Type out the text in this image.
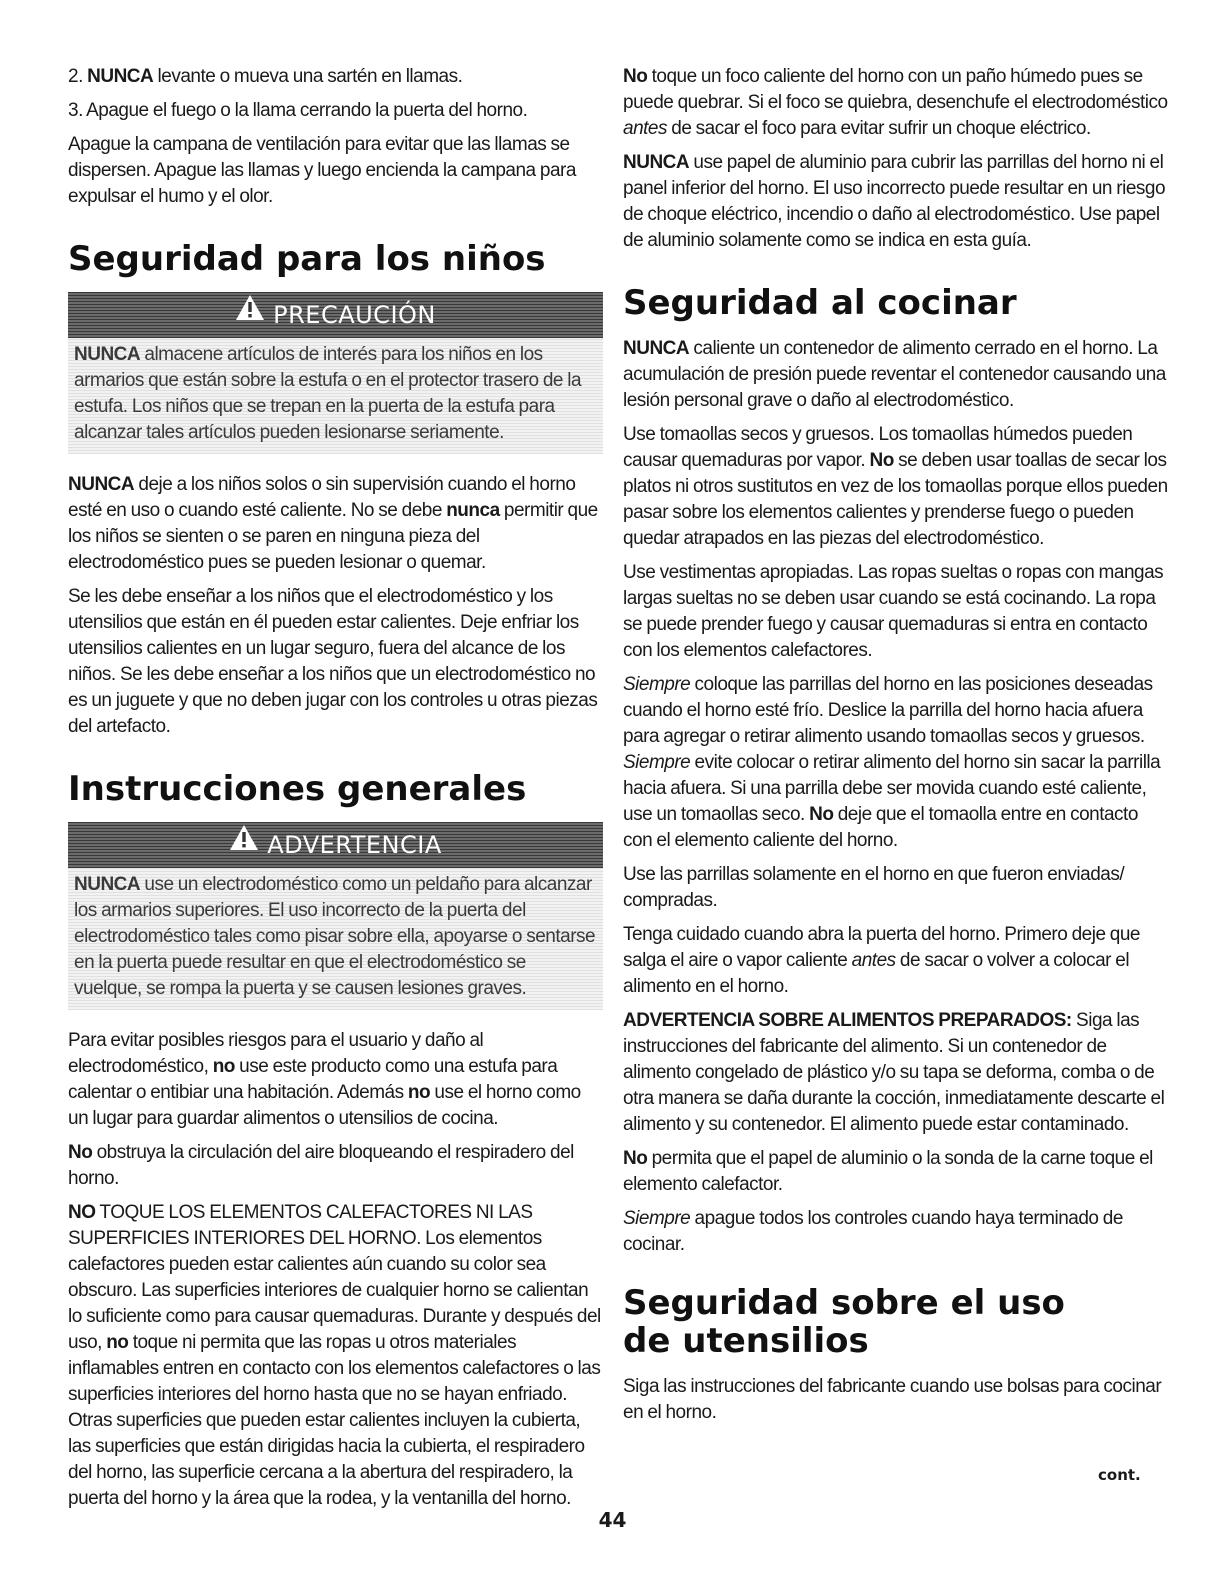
2. NUNCA levante o mueva una sartén en llamas.

3. Apague el fuego o la llama cerrando la puerta del horno.

Apague la campana de ventilación para evitar que las llamas se dispersen. Apague las llamas y luego encienda la campana para expulsar el humo y el olor.

Seguridad para los niños
PRECAUCIÓN
NUNCA almacene artículos de interés para los niños en los armarios que están sobre la estufa o en el protector trasero de la estufa. Los niños que se trepan en la puerta de la estufa para alcanzar tales artículos pueden lesionarse seriamente.

NUNCA deje a los niños solos o sin supervisión cuando el horno esté en uso o cuando esté caliente. No se debe nunca permitir que los niños se sienten o se paren en ninguna pieza del electrodoméstico pues se pueden lesionar o quemar.

Se les debe enseñar a los niños que el electrodoméstico y los utensilios que están en él pueden estar calientes. Deje enfriar los utensilios calientes en un lugar seguro, fuera del alcance de los niños. Se les debe enseñar a los niños que un electrodoméstico no es un juguete y que no deben jugar con los controles u otras piezas del artefacto.

Instrucciones generales
ADVERTENCIA
NUNCA use un electrodoméstico como un peldaño para alcanzar los armarios superiores. El uso incorrecto de la puerta del electrodoméstico tales como pisar sobre ella, apoyarse o sentarse en la puerta puede resultar en que el electrodoméstico se vuelque, se rompa la puerta y se causen lesiones graves.

Para evitar posibles riesgos para el usuario y daño al electrodoméstico, no use este producto como una estufa para calentar o entibiar una habitación. Además no use el horno como un lugar para guardar alimentos o utensilios de cocina.

No obstruya la circulación del aire bloqueando el respiradero del horno.

NO TOQUE LOS ELEMENTOS CALEFACTORES NI LAS SUPERFICIES INTERIORES DEL HORNO. Los elementos calefactores pueden estar calientes aún cuando su color sea obscuro. Las superficies interiores de cualquier horno se calientan lo suficiente como para causar quemaduras. Durante y después del uso, no toque ni permita que las ropas u otros materiales inflamables entren en contacto con los elementos calefactores o las superficies interiores del horno hasta que no se hayan enfriado. Otras superficies que pueden estar calientes incluyen la cubierta, las superficies que están dirigidas hacia la cubierta, el respiradero del horno, las superficie cercana a la abertura del respiradero, la puerta del horno y la área que la rodea, y la ventanilla del horno.

No toque un foco caliente del horno con un paño húmedo pues se puede quebrar. Si el foco se quiebra, desenchufe el electrodoméstico antes de sacar el foco para evitar sufrir un choque eléctrico.

NUNCA use papel de aluminio para cubrir las parrillas del horno ni el panel inferior del horno. El uso incorrecto puede resultar en un riesgo de choque eléctrico, incendio o daño al electrodoméstico. Use papel de aluminio solamente como se indica en esta guía.

Seguridad al cocinar

NUNCA caliente un contenedor de alimento cerrado en el horno. La acumulación de presión puede reventar el contenedor causando una lesión personal grave o daño al electrodoméstico.

Use tomaollas secos y gruesos. Los tomaollas húmedos pueden causar quemaduras por vapor. No se deben usar toallas de secar los platos ni otros sustitutos en vez de los tomaollas porque ellos pueden pasar sobre los elementos calientes y prenderse fuego o pueden quedar atrapados en las piezas del electrodoméstico.

Use vestimentas apropiadas. Las ropas sueltas o ropas con mangas largas sueltas no se deben usar cuando se está cocinando. La ropa se puede prender fuego y causar quemaduras si entra en contacto con los elementos calefactores.

Siempre coloque las parrillas del horno en las posiciones deseadas cuando el horno esté frío. Deslice la parrilla del horno hacia afuera para agregar o retirar alimento usando tomaollas secos y gruesos. Siempre evite colocar o retirar alimento del horno sin sacar la parrilla hacia afuera. Si una parrilla debe ser movida cuando esté caliente, use un tomaollas seco. No deje que el tomaolla entre en contacto con el elemento caliente del horno.

Use las parrillas solamente en el horno en que fueron enviadas/ compradas.

Tenga cuidado cuando abra la puerta del horno. Primero deje que salga el aire o vapor caliente antes de sacar o volver a colocar el alimento en el horno.

ADVERTENCIA SOBRE ALIMENTOS PREPARADOS: Siga las instrucciones del fabricante del alimento. Si un contenedor de alimento congelado de plástico y/o su tapa se deforma, comba o de otra manera se daña durante la cocción, inmediatamente descarte el alimento y su contenedor. El alimento puede estar contaminado.

No permita que el papel de aluminio o la sonda de la carne toque el elemento calefactor.

Siempre apague todos los controles cuando haya terminado de cocinar.

Seguridad sobre el uso
de utensilios

Siga las instrucciones del fabricante cuando use bolsas para cocinar en el horno.

cont.
44
